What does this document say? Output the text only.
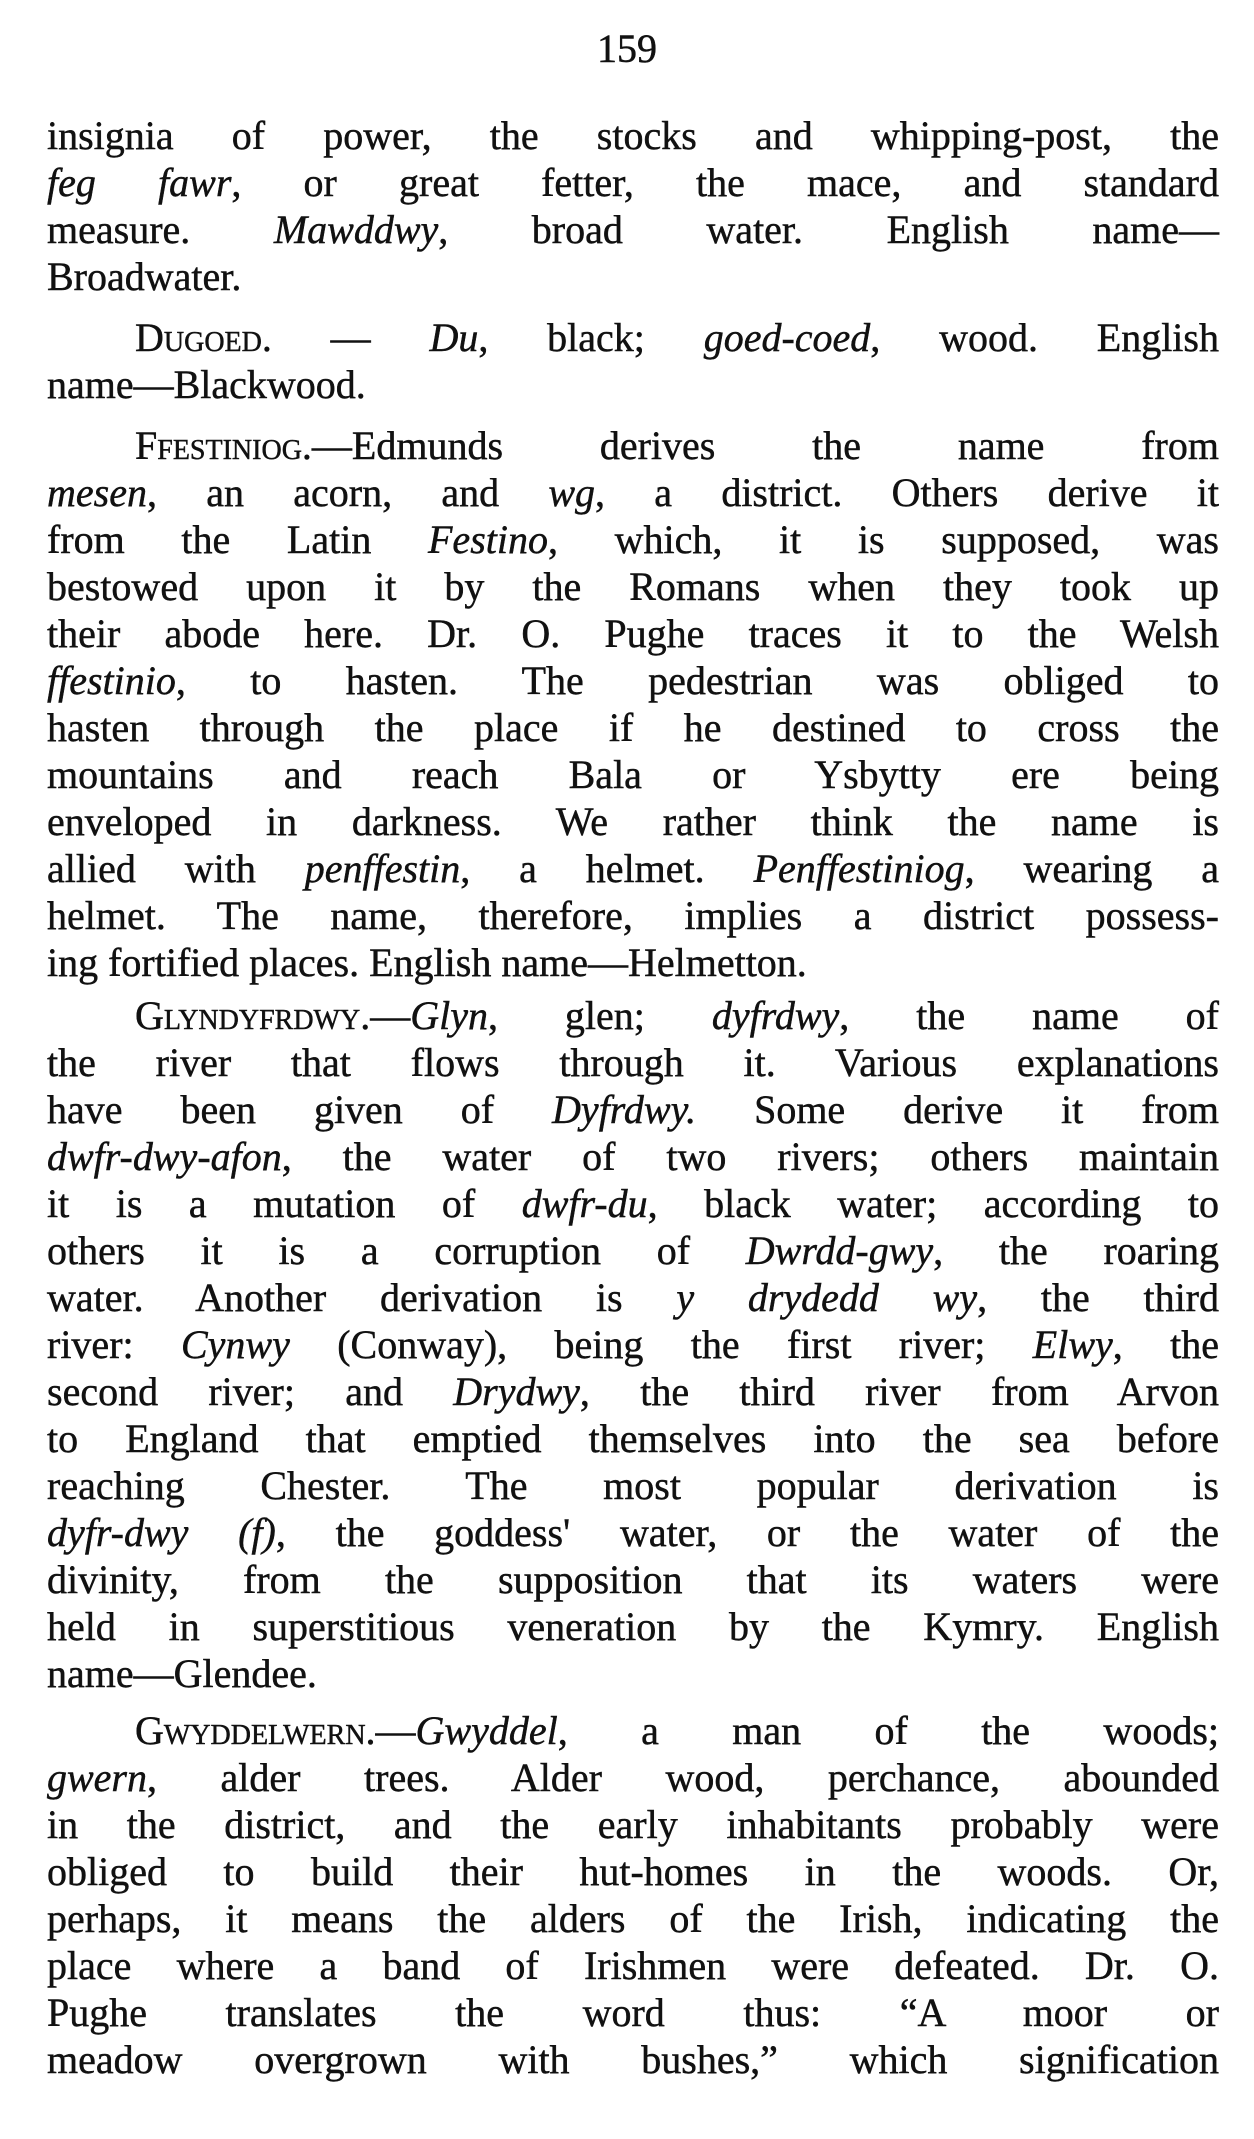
159
insignia of power, the stocks and whipping-post, the
feg fawr, or great fetter, the mace, and standard
measure. Mawddwy, broad water. English name—
Broadwater.
Dugoed. — Du, black; goed-coed, wood. English
name—Blackwood.
Ffestiniog.—Edmunds derives the name from
mesen, an acorn, and wg, a district. Others derive it
from the Latin Festino, which, it is supposed, was
bestowed upon it by the Romans when they took up
their abode here. Dr. O. Pughe traces it to the Welsh
ffestinio, to hasten. The pedestrian was obliged to
hasten through the place if he destined to cross the
mountains and reach Bala or Ysbytty ere being
enveloped in darkness. We rather think the name is
allied with penffestin, a helmet. Penffestiniog, wearing a
helmet. The name, therefore, implies a district possess-
ing fortified places. English name—Helmetton.
Glyndyfrdwy.—Glyn, glen; dyfrdwy, the name of
the river that flows through it. Various explanations
have been given of Dyfrdwy. Some derive it from
dwfr-dwy-afon, the water of two rivers; others maintain
it is a mutation of dwfr-du, black water; according to
others it is a corruption of Dwrdd-gwy, the roaring
water. Another derivation is y drydedd wy, the third
river: Cynwy (Conway), being the first river; Elwy, the
second river; and Drydwy, the third river from Arvon
to England that emptied themselves into the sea before
reaching Chester. The most popular derivation is
dyfr-dwy (f), the goddess' water, or the water of the
divinity, from the supposition that its waters were
held in superstitious veneration by the Kymry. English
name—Glendee.
Gwyddelwern.—Gwyddel, a man of the woods;
gwern, alder trees. Alder wood, perchance, abounded
in the district, and the early inhabitants probably were
obliged to build their hut-homes in the woods. Or,
perhaps, it means the alders of the Irish, indicating the
place where a band of Irishmen were defeated. Dr. O.
Pughe translates the word thus: “A moor or
meadow overgrown with bushes,” which signification
